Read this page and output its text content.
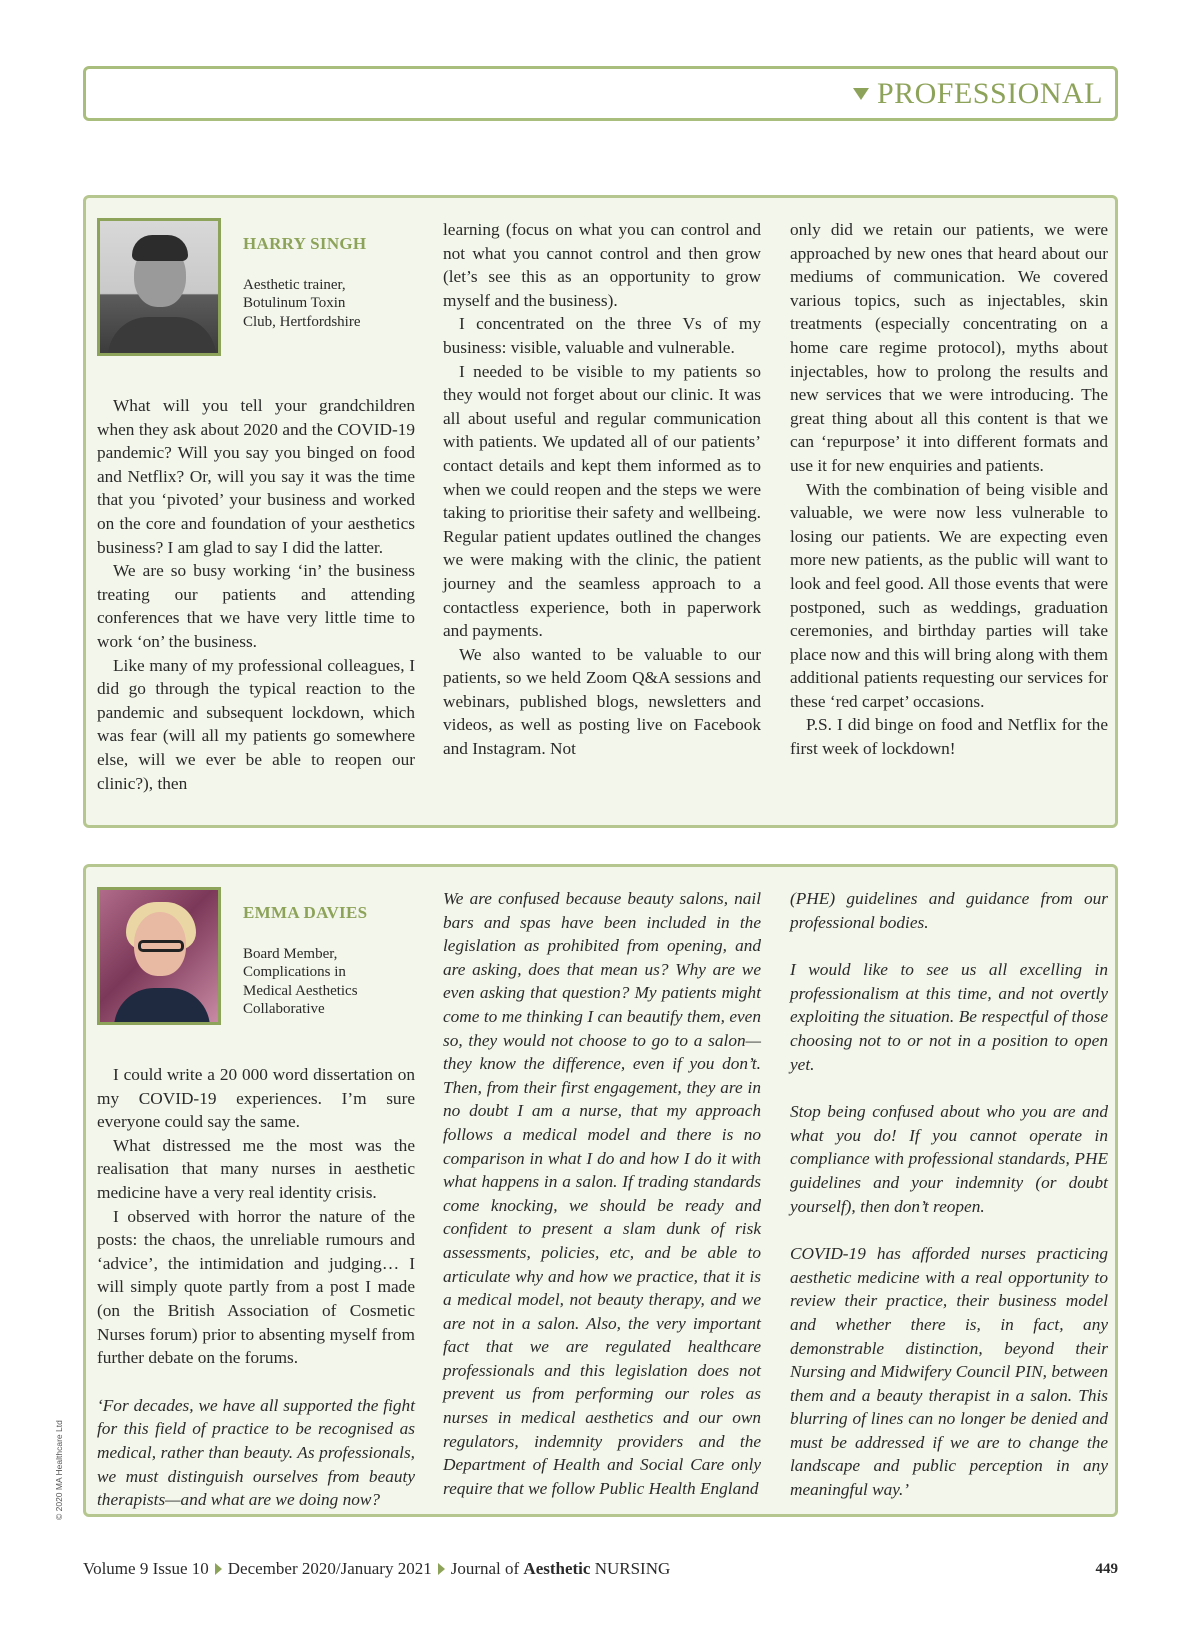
PROFESSIONAL
HARRY SINGH
Aesthetic trainer,
Botulinum Toxin
Club, Hertfordshire

What will you tell your grandchildren when they ask about 2020 and the COVID-19 pandemic? Will you say you binged on food and Netflix? Or, will you say it was the time that you ‘pivoted’ your business and worked on the core and foundation of your aesthetics business? I am glad to say I did the latter.

We are so busy working ‘in’ the business treating our patients and attending conferences that we have very little time to work ‘on’ the business.

Like many of my professional colleagues, I did go through the typical reaction to the pandemic and subsequent lockdown, which was fear (will all my patients go somewhere else, will we ever be able to reopen our clinic?), then

learning (focus on what you can control and not what you cannot control and then grow (let’s see this as an opportunity to grow myself and the business).

I concentrated on the three Vs of my business: visible, valuable and vulnerable.

I needed to be visible to my patients so they would not forget about our clinic. It was all about useful and regular communication with patients. We updated all of our patients’ contact details and kept them informed as to when we could reopen and the steps we were taking to prioritise their safety and wellbeing. Regular patient updates outlined the changes we were making with the clinic, the patient journey and the seamless approach to a contactless experience, both in paperwork and payments.

We also wanted to be valuable to our patients, so we held Zoom Q&A sessions and webinars, published blogs, newsletters and videos, as well as posting live on Facebook and Instagram. Not

only did we retain our patients, we were approached by new ones that heard about our mediums of communication. We covered various topics, such as injectables, skin treatments (especially concentrating on a home care regime protocol), myths about injectables, how to prolong the results and new services that we were introducing. The great thing about all this content is that we can ‘repurpose’ it into different formats and use it for new enquiries and patients.

With the combination of being visible and valuable, we were now less vulnerable to losing our patients. We are expecting even more new patients, as the public will want to look and feel good. All those events that were postponed, such as weddings, graduation ceremonies, and birthday parties will take place now and this will bring along with them additional patients requesting our services for these ‘red carpet’ occasions.

P.S. I did binge on food and Netflix for the first week of lockdown!

EMMA DAVIES
Board Member,
Complications in
Medical Aesthetics
Collaborative

I could write a 20 000 word dissertation on my COVID-19 experiences. I’m sure everyone could say the same.

What distressed me the most was the realisation that many nurses in aesthetic medicine have a very real identity crisis.

I observed with horror the nature of the posts: the chaos, the unreliable rumours and ‘advice’, the intimidation and judging… I will simply quote partly from a post I made (on the British Association of Cosmetic Nurses forum) prior to absenting myself from further debate on the forums.

‘For decades, we have all supported the fight for this field of practice to be recognised as medical, rather than beauty. As professionals, we must distinguish ourselves from beauty therapists—and what are we doing now?

We are confused because beauty salons, nail bars and spas have been included in the legislation as prohibited from opening, and are asking, does that mean us? Why are we even asking that question? My patients might come to me thinking I can beautify them, even so, they would not choose to go to a salon—they know the difference, even if you don’t. Then, from their first engagement, they are in no doubt I am a nurse, that my approach follows a medical model and there is no comparison in what I do and how I do it with what happens in a salon. If trading standards come knocking, we should be ready and confident to present a slam dunk of risk assessments, policies, etc, and be able to articulate why and how we practice, that it is a medical model, not beauty therapy, and we are not in a salon. Also, the very important fact that we are regulated healthcare professionals and this legislation does not prevent us from performing our roles as nurses in medical aesthetics and our own regulators, indemnity providers and the Department of Health and Social Care only require that we follow Public Health England

(PHE) guidelines and guidance from our professional bodies.

I would like to see us all excelling in professionalism at this time, and not overtly exploiting the situation. Be respectful of those choosing not to or not in a position to open yet.

Stop being confused about who you are and what you do! If you cannot operate in compliance with professional standards, PHE guidelines and your indemnity (or doubt yourself), then don’t reopen.

COVID-19 has afforded nurses practicing aesthetic medicine with a real opportunity to review their practice, their business model and whether there is, in fact, any demonstrable distinction, beyond their Nursing and Midwifery Council PIN, between them and a beauty therapist in a salon. This blurring of lines can no longer be denied and must be addressed if we are to change the landscape and public perception in any meaningful way.’

© 2020 MA Healthcare Ltd
Volume 9 Issue 10 December 2020/January 2021 Journal of Aesthetic NURSING	449
